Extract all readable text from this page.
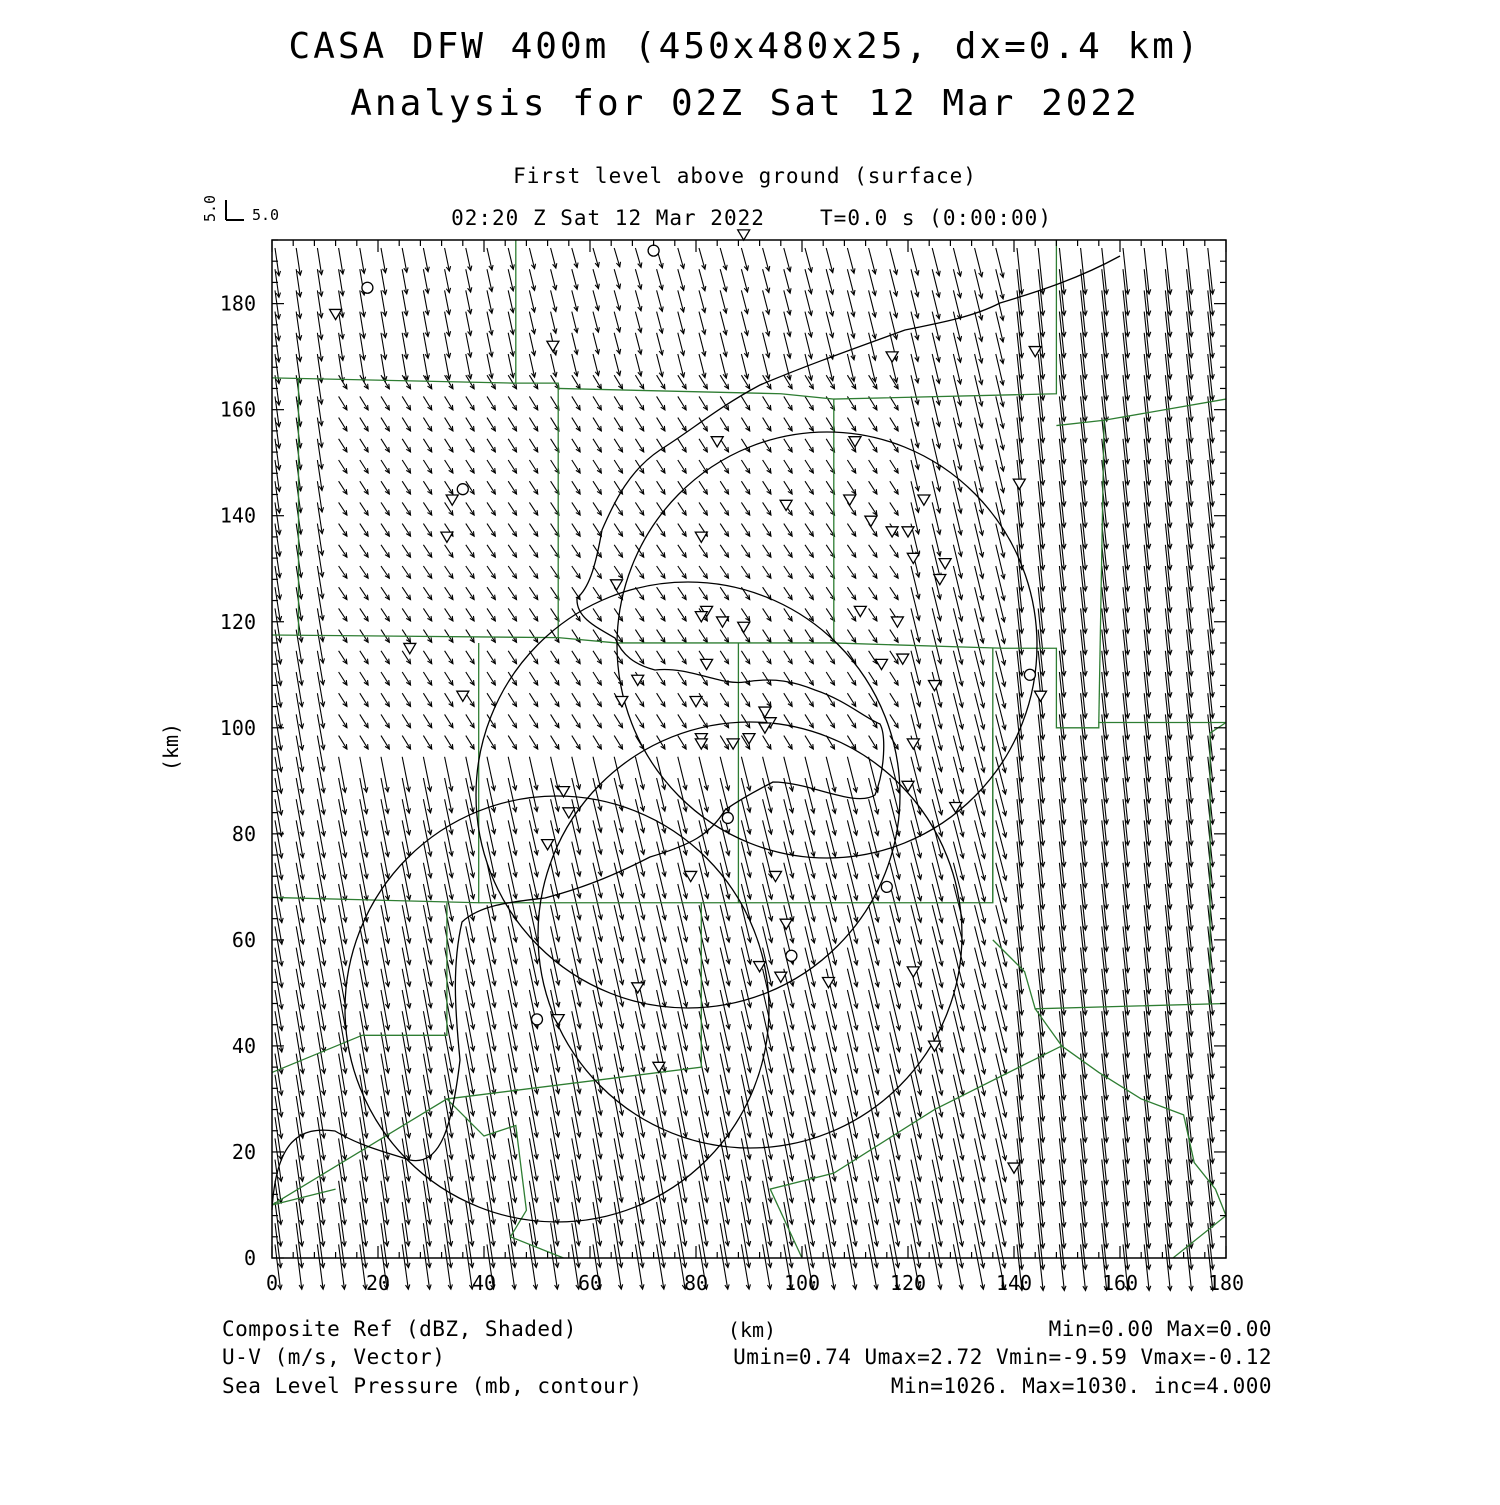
CASA DFW 400m (450x480x25, dx=0.4 km)
Analysis for 02Z Sat 12 Mar 2022
First level above ground (surface)
02:20 Z Sat 12 Mar 2022	T=0.0 s (0:00:00)
5.0 5.0
(km)
(km)
0	20	40	60	80	100	120	140	160	180
0
20
40
60
80
100
120
140
160
180
Composite Ref (dBZ, Shaded)	Min=0.00 Max=0.00
U-V (m/s, Vector)	Umin=0.74 Umax=2.72 Vmin=-9.59 Vmax=-0.12
Sea Level Pressure (mb, contour)	Min=1026. Max=1030. inc=4.000
